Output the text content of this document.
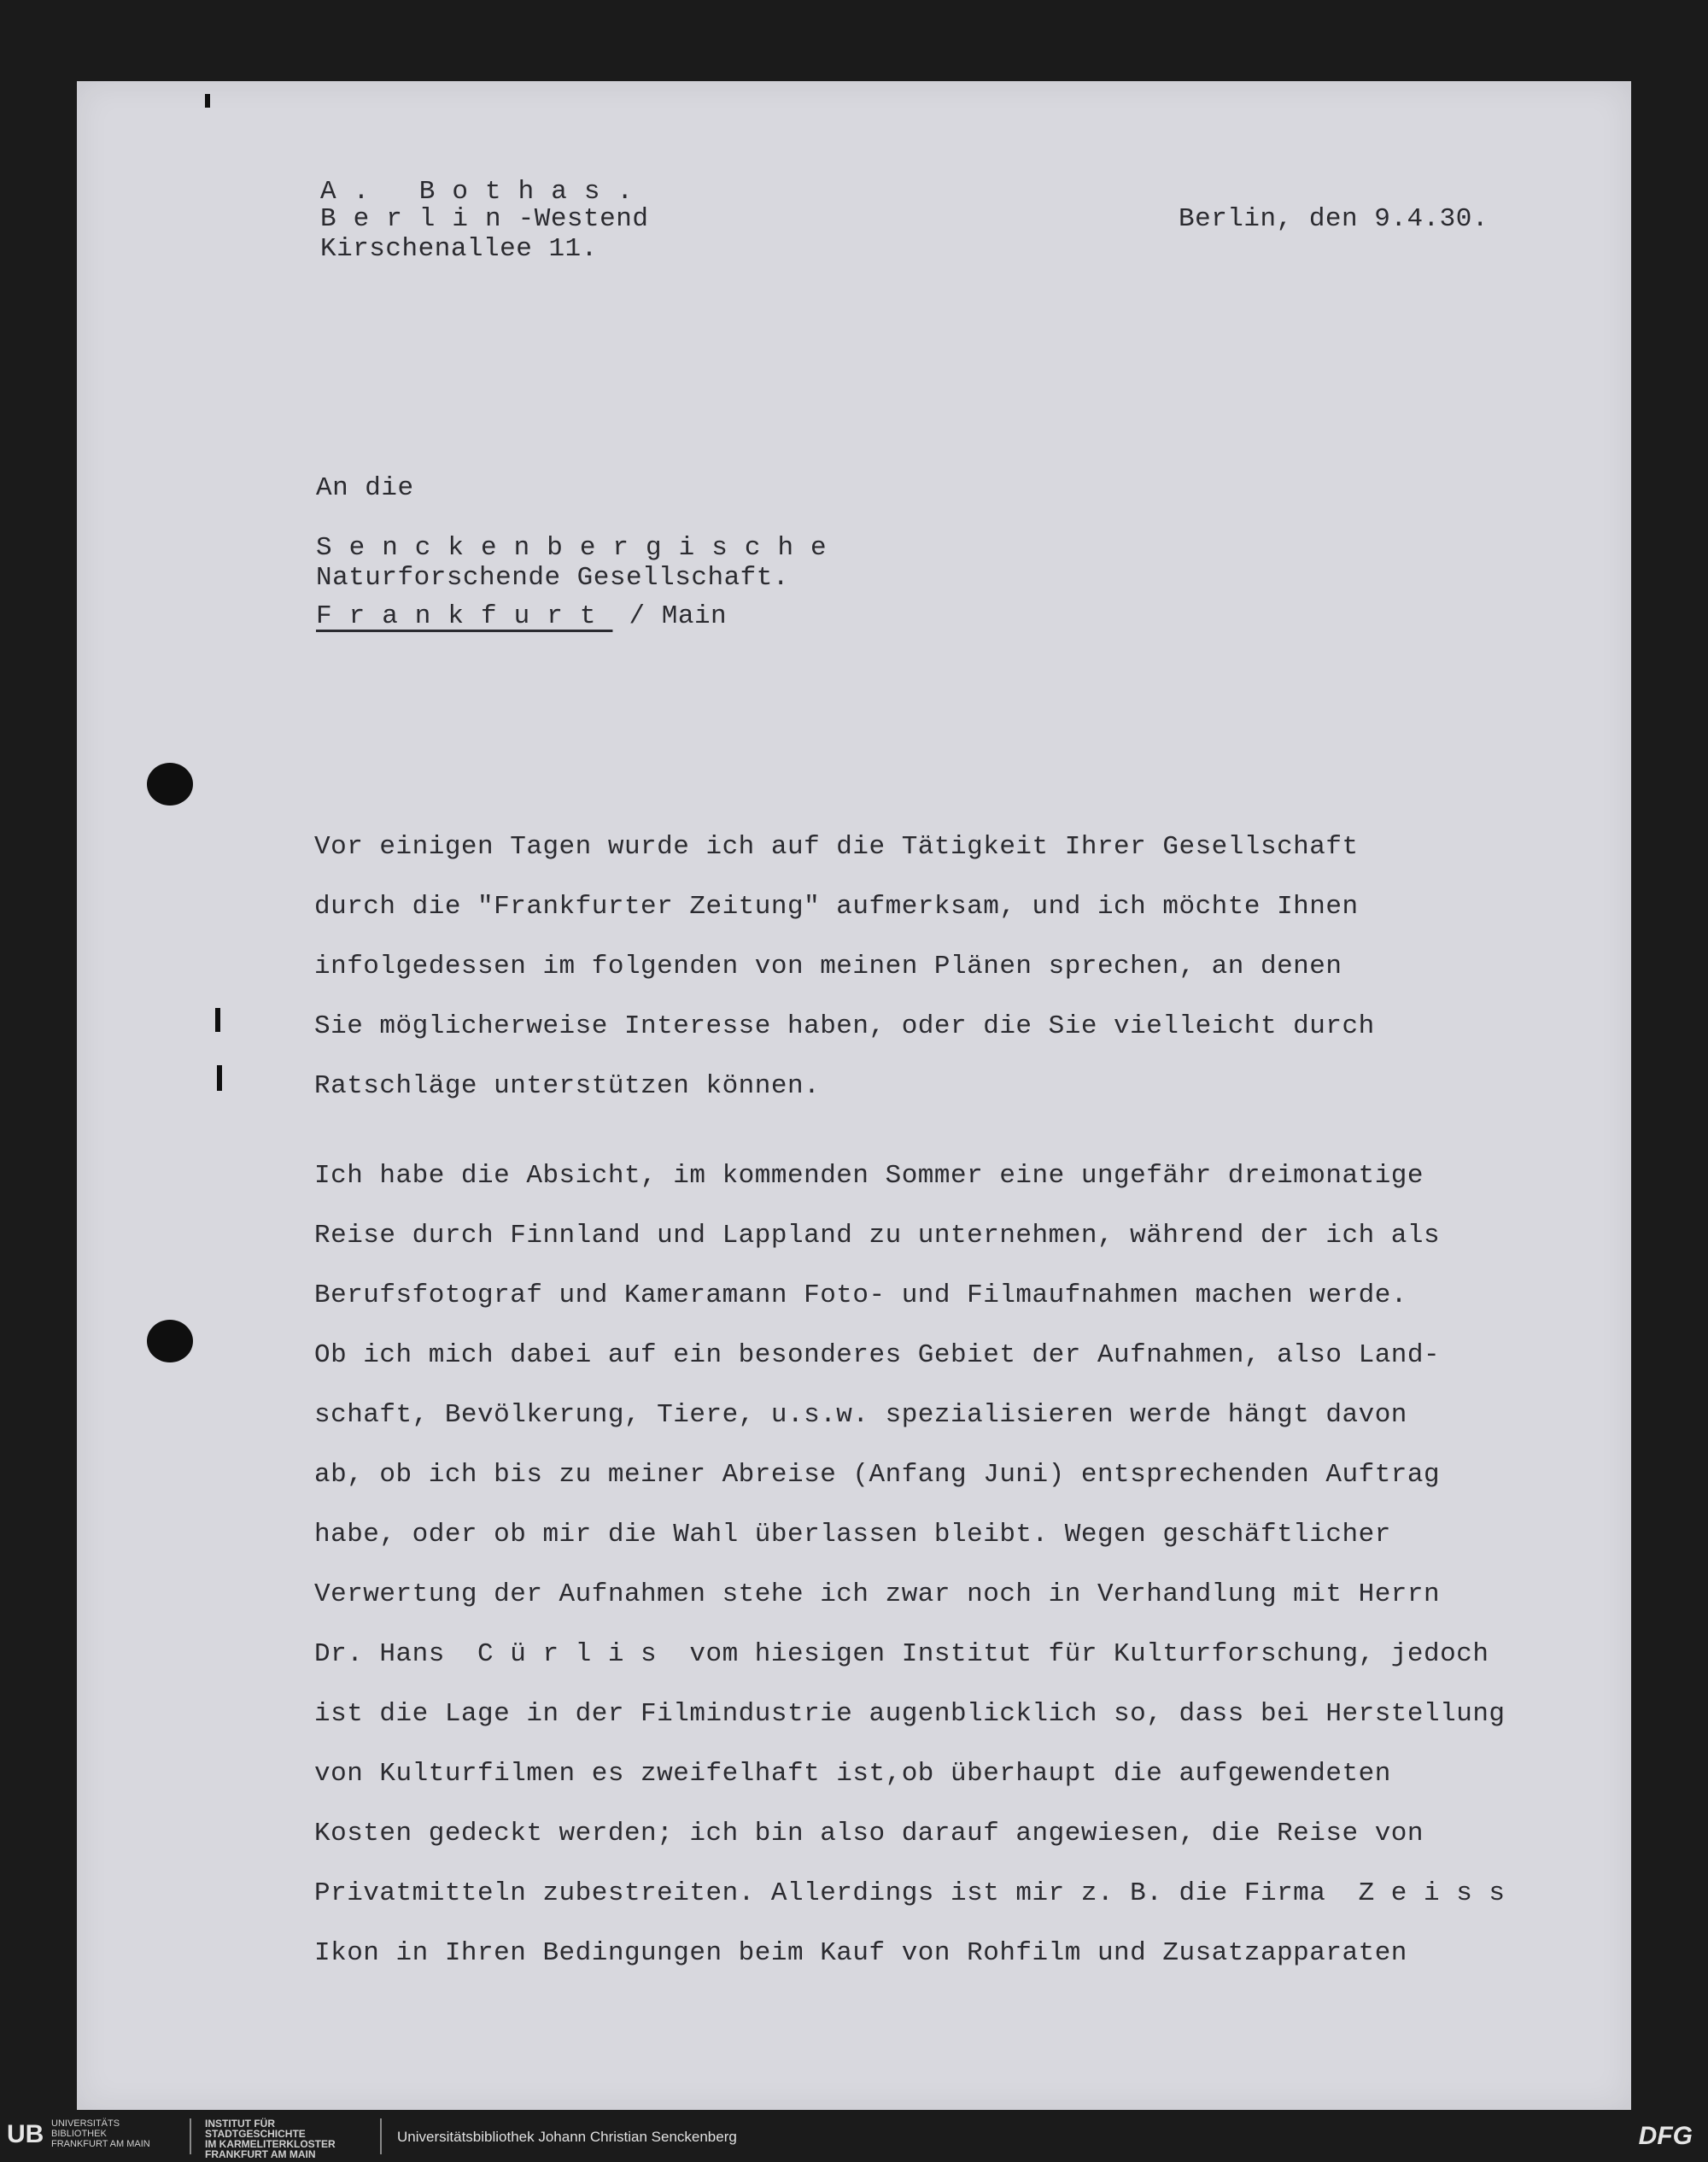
A. Bothas.
Berlin-Westend
Kirschenallee 11.
Berlin, den 9.4.30.
An die
Senckenbergische
Naturforschende Gesellschaft.
Frankfurt / Main
Vor einigen Tagen wurde ich auf die Tätigkeit Ihrer Gesellschaft
durch die "Frankfurter Zeitung" aufmerksam, und ich möchte Ihnen
infolgedessen im folgenden von meinen Plänen sprechen, an denen
Sie möglicherweise Interesse haben, oder die Sie vielleicht durch
Ratschläge unterstützen können.
Ich habe die Absicht, im kommenden Sommer eine ungefähr dreimonatige
Reise durch Finnland und Lappland zu unternehmen, während der ich als
Berufsfotograf und Kameramann Foto- und Filmaufnahmen machen werde.
Ob ich mich dabei auf ein besonderes Gebiet der Aufnahmen, also Land-
schaft, Bevölkerung, Tiere, u.s.w. spezialisieren werde hängt davon
ab, ob ich bis zu meiner Abreise (Anfang Juni) entsprechenden Auftrag
habe, oder ob mir die Wahl überlassen bleibt. Wegen geschäftlicher
Verwertung der Aufnahmen stehe ich zwar noch in Verhandlung mit Herrn
Dr. Hans  C ü r l i s  vom hiesigen Institut für Kulturforschung, jedoch
ist die Lage in der Filmindustrie augenblicklich so, dass bei Herstellung
von Kulturfilmen es zweifelhaft ist,ob überhaupt die aufgewendeten
Kosten gedeckt werden; ich bin also darauf angewiesen, die Reise von
Privatmitteln zubestreiten. Allerdings ist mir z. B. die Firma  Z e i s s
Ikon in Ihren Bedingungen beim Kauf von Rohfilm und Zusatzapparaten
UB UNIVERSITÄTS
BIBLIOTHEK
FRANKFURT AM MAIN
INSTITUT FÜR
STADTGESCHICHTE
IM KARMELITERKLOSTER
FRANKFURT AM MAIN
Universitätsbibliothek Johann Christian Senckenberg	DFG
